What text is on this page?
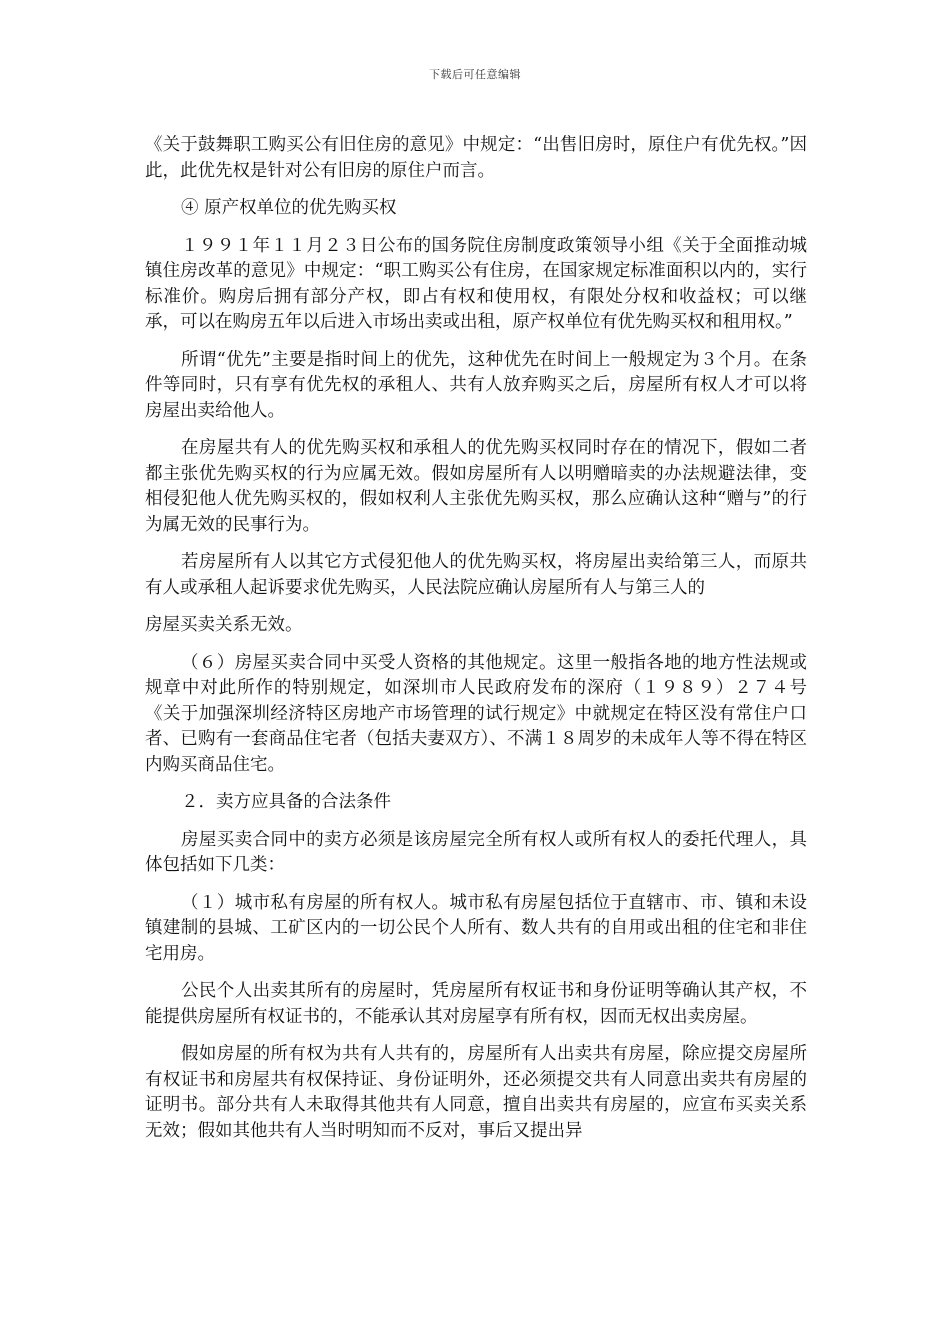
下载后可任意编辑

《关于鼓舞职工购买公有旧住房的意见》中规定：“出售旧房时，原住户有优先权。”因此，此优先权是针对公有旧房的原住户而言。

④ 原产权单位的优先购买权

１９９１年１１月２３日公布的国务院住房制度政策领导小组《关于全面推动城镇住房改革的意见》中规定：“职工购买公有住房，在国家规定标准面积以内的，实行标准价。购房后拥有部分产权，即占有权和使用权，有限处分权和收益权；可以继承，可以在购房五年以后进入市场出卖或出租，原产权单位有优先购买权和租用权。”

所谓“优先”主要是指时间上的优先，这种优先在时间上一般规定为３个月。在条件等同时，只有享有优先权的承租人、共有人放弃购买之后，房屋所有权人才可以将房屋出卖给他人。

在房屋共有人的优先购买权和承租人的优先购买权同时存在的情况下，假如二者都主张优先购买权的行为应属无效。假如房屋所有人以明赠暗卖的办法规避法律，变相侵犯他人优先购买权的，假如权利人主张优先购买权，那么应确认这种“赠与”的行为属无效的民事行为。

若房屋所有人以其它方式侵犯他人的优先购买权，将房屋出卖给第三人，而原共有人或承租人起诉要求优先购买，人民法院应确认房屋所有人与第三人的

房屋买卖关系无效。

（６）房屋买卖合同中买受人资格的其他规定。这里一般指各地的地方性法规或规章中对此所作的特别规定，如深圳市人民政府发布的深府（１９８９）２７４号《关于加强深圳经济特区房地产市场管理的试行规定》中就规定在特区没有常住户口者、已购有一套商品住宅者（包括夫妻双方）、不满１８周岁的未成年人等不得在特区内购买商品住宅。

２．卖方应具备的合法条件

房屋买卖合同中的卖方必须是该房屋完全所有权人或所有权人的委托代理人，具体包括如下几类：

（１）城市私有房屋的所有权人。城市私有房屋包括位于直辖市、市、镇和未设镇建制的县城、工矿区内的一切公民个人所有、数人共有的自用或出租的住宅和非住宅用房。

公民个人出卖其所有的房屋时，凭房屋所有权证书和身份证明等确认其产权，不能提供房屋所有权证书的，不能承认其对房屋享有所有权，因而无权出卖房屋。

假如房屋的所有权为共有人共有的，房屋所有人出卖共有房屋，除应提交房屋所有权证书和房屋共有权保持证、身份证明外，还必须提交共有人同意出卖共有房屋的证明书。部分共有人未取得其他共有人同意，擅自出卖共有房屋的，应宣布买卖关系无效；假如其他共有人当时明知而不反对，事后又提出异
